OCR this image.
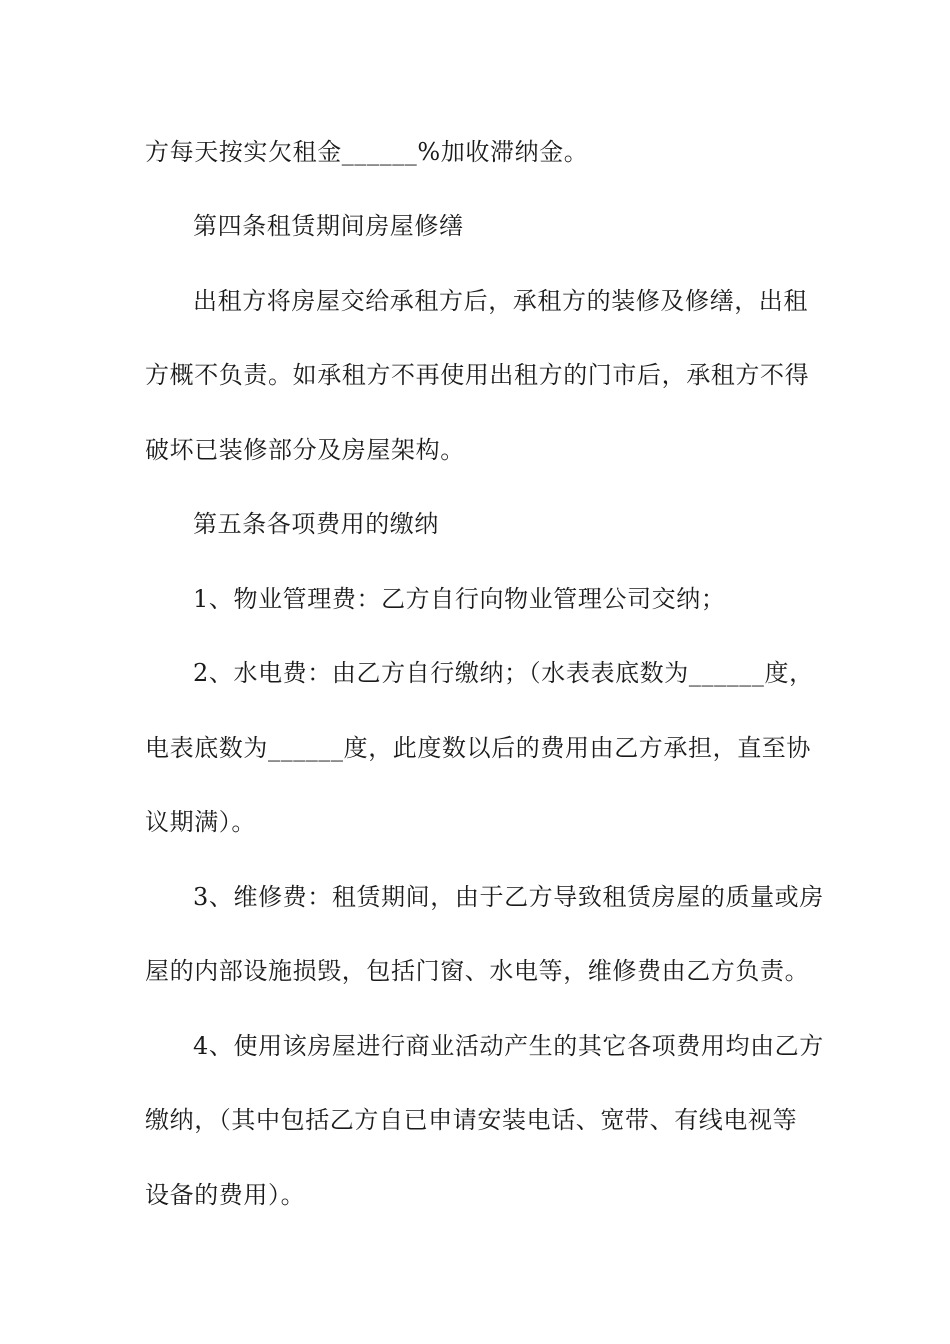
方每天按实欠租金______%加收滞纳金。
第四条租赁期间房屋修缮
出租方将房屋交给承租方后，承租方的装修及修缮，出租
方概不负责。如承租方不再使用出租方的门市后，承租方不得
破坏已装修部分及房屋架构。
第五条各项费用的缴纳
1、物业管理费：乙方自行向物业管理公司交纳；
2、水电费：由乙方自行缴纳；（水表表底数为______度，
电表底数为______度，此度数以后的费用由乙方承担，直至协
议期满）。
3、维修费：租赁期间，由于乙方导致租赁房屋的质量或房
屋的内部设施损毁，包括门窗、水电等，维修费由乙方负责。
4、使用该房屋进行商业活动产生的其它各项费用均由乙方
缴纳，（其中包括乙方自已申请安装电话、宽带、有线电视等
设备的费用）。
